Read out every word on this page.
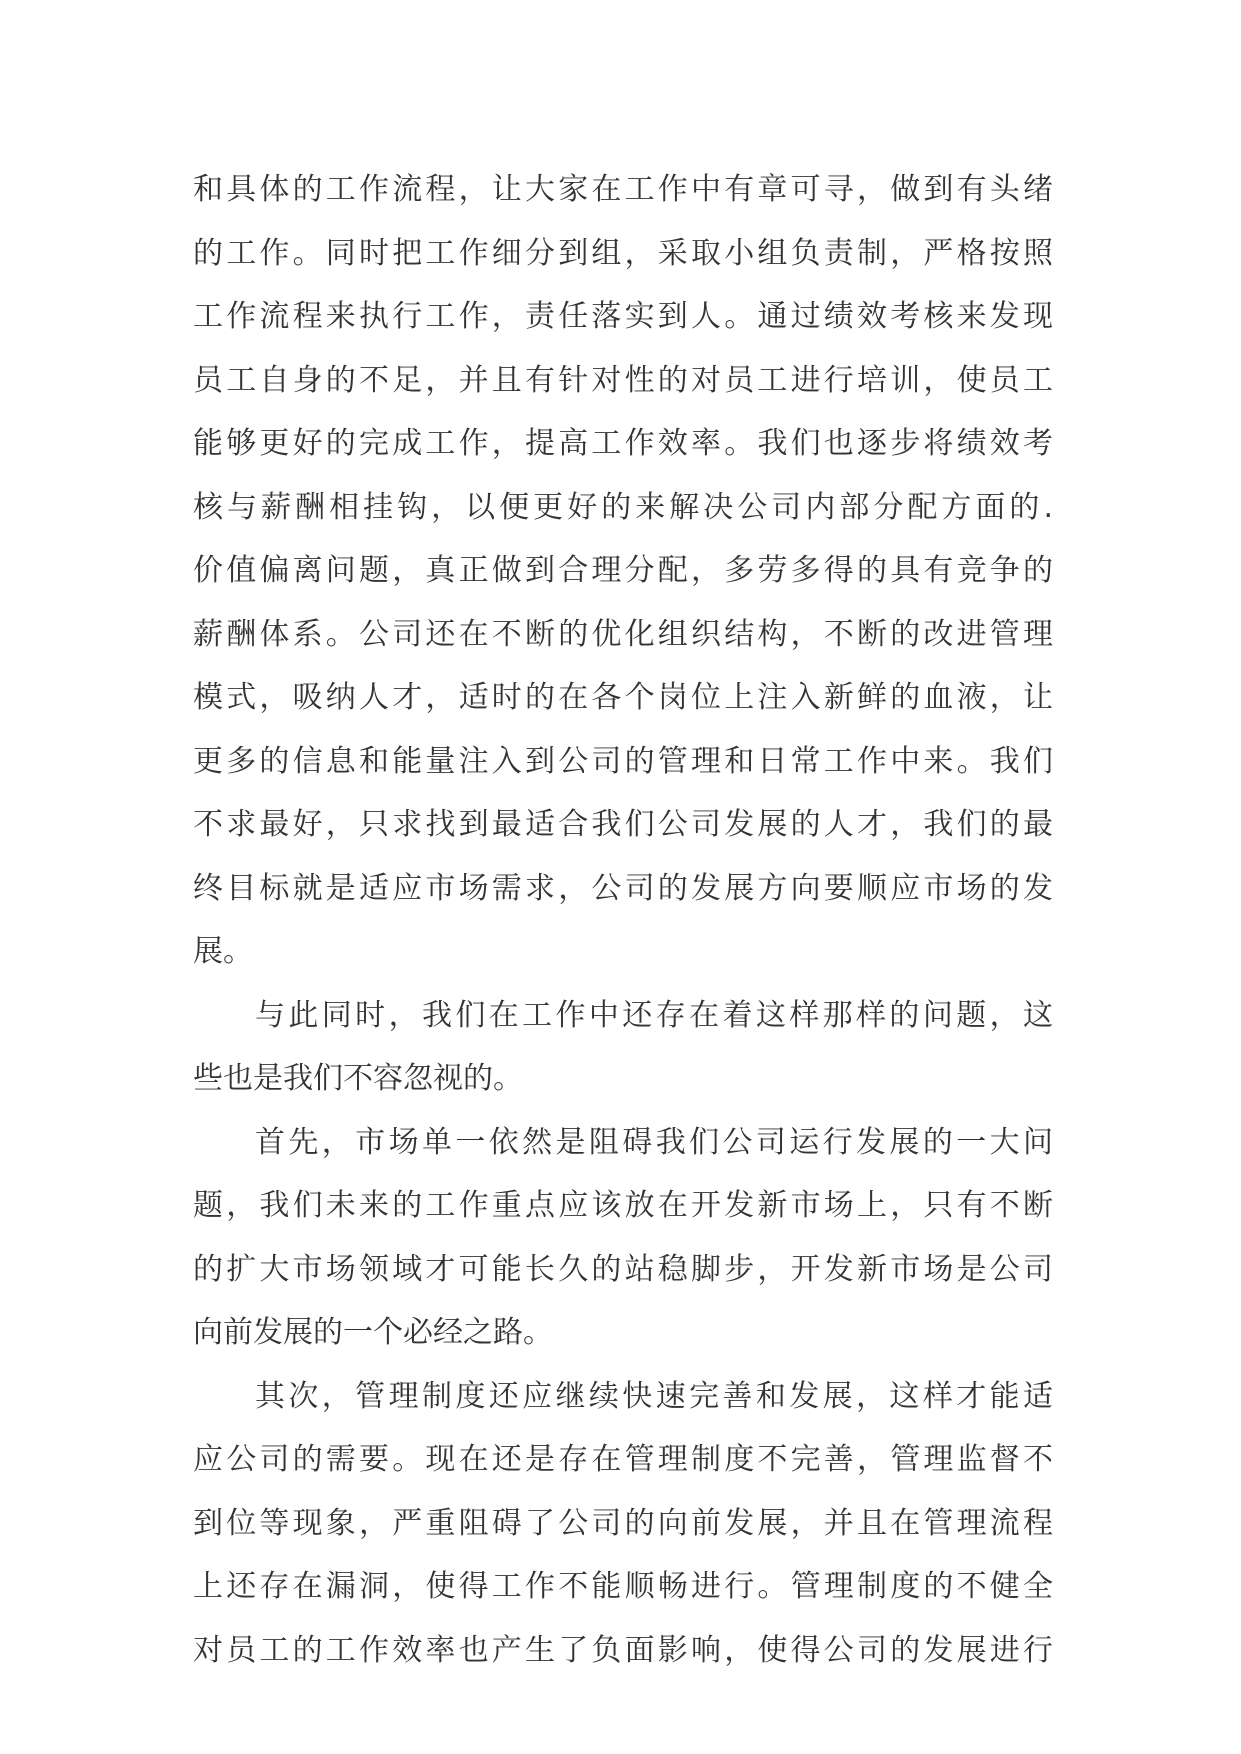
和具体的工作流程，让大家在工作中有章可寻，做到有头绪
的工作。同时把工作细分到组，采取小组负责制，严格按照
工作流程来执行工作，责任落实到人。通过绩效考核来发现
员工自身的不足，并且有针对性的对员工进行培训，使员工
能够更好的完成工作，提高工作效率。我们也逐步将绩效考
核与薪酬相挂钩，以便更好的来解决公司内部分配方面的.
价值偏离问题，真正做到合理分配，多劳多得的具有竞争的
薪酬体系。公司还在不断的优化组织结构，不断的改进管理
模式，吸纳人才，适时的在各个岗位上注入新鲜的血液，让
更多的信息和能量注入到公司的管理和日常工作中来。我们
不求最好，只求找到最适合我们公司发展的人才，我们的最
终目标就是适应市场需求，公司的发展方向要顺应市场的发
展。
与此同时，我们在工作中还存在着这样那样的问题，这
些也是我们不容忽视的。
首先，市场单一依然是阻碍我们公司运行发展的一大问
题，我们未来的工作重点应该放在开发新市场上，只有不断
的扩大市场领域才可能长久的站稳脚步，开发新市场是公司
向前发展的一个必经之路。
其次，管理制度还应继续快速完善和发展，这样才能适
应公司的需要。现在还是存在管理制度不完善，管理监督不
到位等现象，严重阻碍了公司的向前发展，并且在管理流程
上还存在漏洞，使得工作不能顺畅进行。管理制度的不健全
对员工的工作效率也产生了负面影响，使得公司的发展进行
